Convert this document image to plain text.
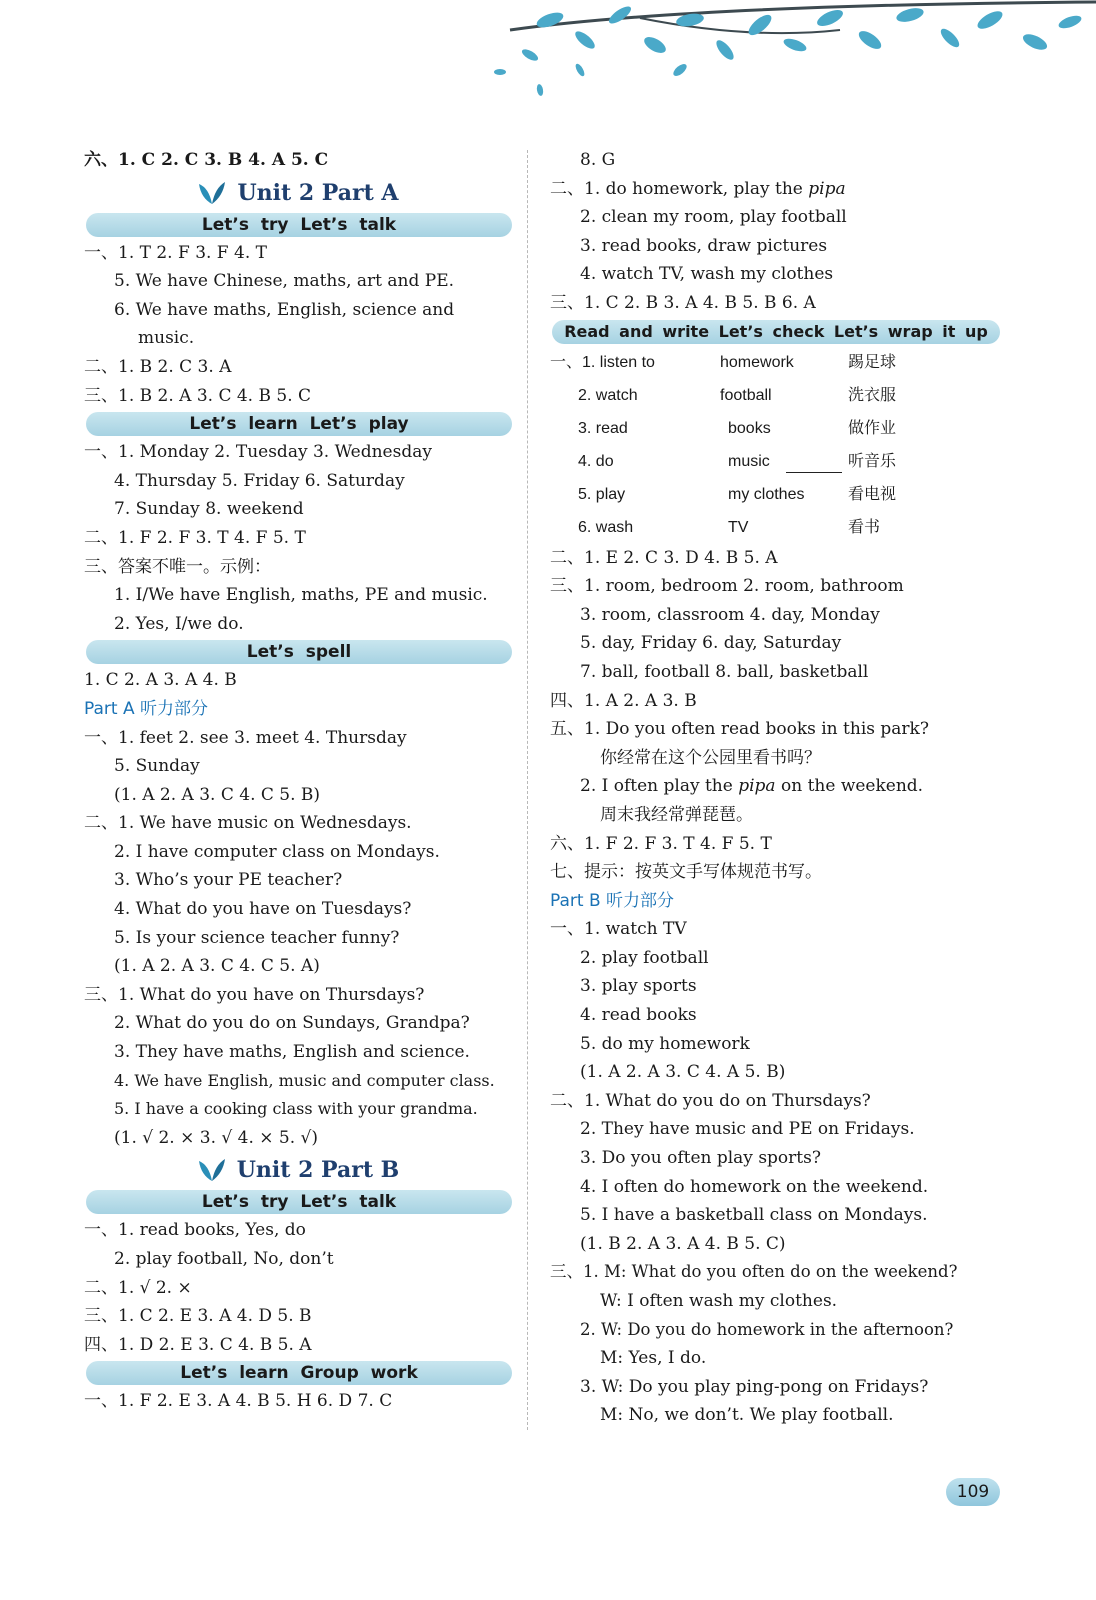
六、1. C 2. C 3. B 4. A 5. C
Unit 2 Part A
Let’s try Let’s talk
一、1. T 2. F 3. F 4. T
5. We have Chinese, maths, art and PE.
6. We have maths, English, science and
music.
二、1. B 2. C 3. A
三、1. B 2. A 3. C 4. B 5. C
Let’s learn Let’s play
一、1. Monday 2. Tuesday 3. Wednesday
4. Thursday 5. Friday 6. Saturday
7. Sunday 8. weekend
二、1. F 2. F 3. T 4. F 5. T
三、答案不唯一。示例：
1. I/We have English, maths, PE and music.
2. Yes, I/we do.
Let’s spell
1. C 2. A 3. A 4. B
Part A 听力部分
一、1. feet 2. see 3. meet 4. Thursday
5. Sunday
(1. A 2. A 3. C 4. C 5. B)
二、1. We have music on Wednesdays.
2. I have computer class on Mondays.
3. Who’s your PE teacher?
4. What do you have on Tuesdays?
5. Is your science teacher funny?
(1. A 2. A 3. C 4. C 5. A)
三、1. What do you have on Thursdays?
2. What do you do on Sundays, Grandpa?
3. They have maths, English and science.
4. We have English, music and computer class.
5. I have a cooking class with your grandma.
(1. √ 2. × 3. √ 4. × 5. √)
Unit 2 Part B
Let’s try Let’s talk
一、1. read books, Yes, do
2. play football, No, don’t
二、1. √ 2. ×
三、1. C 2. E 3. A 4. D 5. B
四、1. D 2. E 3. C 4. B 5. A
Let’s learn Group work
一、1. F 2. E 3. A 4. B 5. H 6. D 7. C
8. G
二、1. do homework, play the pipa
2. clean my room, play football
3. read books, draw pictures
4. watch TV, wash my clothes
三、1. C 2. B 3. A 4. B 5. B 6. A
Read and write Let’s check Let’s wrap it up
一、1. listen to	homework	踢足球
2. watch	football	洗衣服
3. read	books	做作业
4. do	music	听音乐
5. play	my clothes	看电视
6. wash	TV	看书
二、1. E 2. C 3. D 4. B 5. A
三、1. room, bedroom 2. room, bathroom
3. room, classroom 4. day, Monday
5. day, Friday 6. day, Saturday
7. ball, football 8. ball, basketball
四、1. A 2. A 3. B
五、1. Do you often read books in this park?
你经常在这个公园里看书吗？
2. I often play the pipa on the weekend.
周末我经常弹琵琶。
六、1. F 2. F 3. T 4. F 5. T
七、提示：按英文手写体规范书写。
Part B 听力部分
一、1. watch TV
2. play football
3. play sports
4. read books
5. do my homework
(1. A 2. A 3. C 4. A 5. B)
二、1. What do you do on Thursdays?
2. They have music and PE on Fridays.
3. Do you often play sports?
4. I often do homework on the weekend.
5. I have a basketball class on Mondays.
(1. B 2. A 3. A 4. B 5. C)
三、1. M: What do you often do on the weekend?
W: I often wash my clothes.
2. W: Do you do homework in the afternoon?
M: Yes, I do.
3. W: Do you play ping-pong on Fridays?
M: No, we don’t. We play football.
109
